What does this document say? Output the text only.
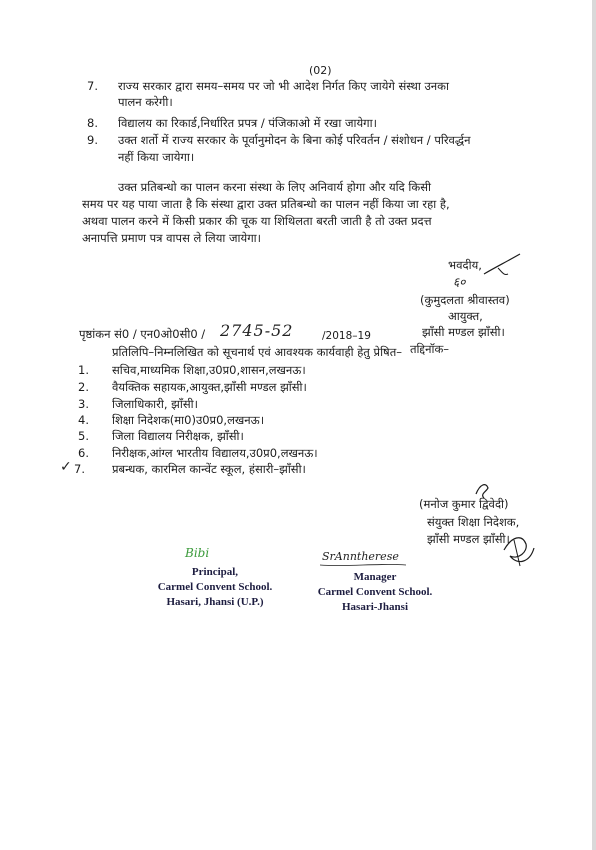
(02)
7. राज्य सरकार द्वारा समय–समय पर जो भी आदेश निर्गत किए जायेगे संस्था उनका
पालन करेगी।
8. विद्यालय का रिकार्ड,निर्धारित प्रपत्र / पंजिकाओ में रखा जायेगा।
9. उक्त शर्तो में राज्य सरकार के पूर्वानुमोदन के बिना कोई परिवर्तन / संशोधन / परिवर्द्धन
नहीं किया जायेगा।
उक्त प्रतिबन्धो का पालन करना संस्था के लिए अनिवार्य होगा और यदि किसी
समय पर यह पाया जाता है कि संस्था द्वारा उक्त प्रतिबन्धो का पालन नहीं किया जा रहा है,
अथवा पालन करने में किसी प्रकार की चूक या शिथिलता बरती जाती है तो उक्त प्रदत्त
अनापत्ति प्रमाण पत्र वापस ले लिया जायेगा।
भवदीय,
६०
(कुमुदलता श्रीवास्तव)
आयुक्त,
झाँसी मण्डल झाँसी।
पृष्ठांकन सं0 / एन0ओ0सी0 / 2745-52	/2018–19
तद्दिनॉक–
प्रतिलिपि–निम्नलिखित को सूचनार्थ एवं आवश्यक कार्यवाही हेतु प्रेषित–
1. सचिव,माध्यमिक शिक्षा,उ0प्र0,शासन,लखनऊ।
2. वैयक्तिक सहायक,आयुक्त,झाँसी मण्डल झाँसी।
3. जिलाधिकारी, झाँसी।
4. शिक्षा निदेशक(मा0)उ0प्र0,लखनऊ।
5. जिला विद्यालय निरीक्षक, झाँसी।
6. निरीक्षक,आंग्ल भारतीय विद्यालय,उ0प्र0,लखनऊ।
✓ 7. प्रबन्धक, कारमिल कान्वेंट स्कूल, हंसारी–झाँसी।
(मनोज कुमार द्विवेदी)
संयुक्त शिक्षा निदेशक,
झाँसी मण्डल झाँसी।
Bibi
Principal,
Carmel Convent School.
Hasari, Jhansi (U.P.)
SrAnntherese
Manager
Carmel Convent School.
Hasari-Jhansi
